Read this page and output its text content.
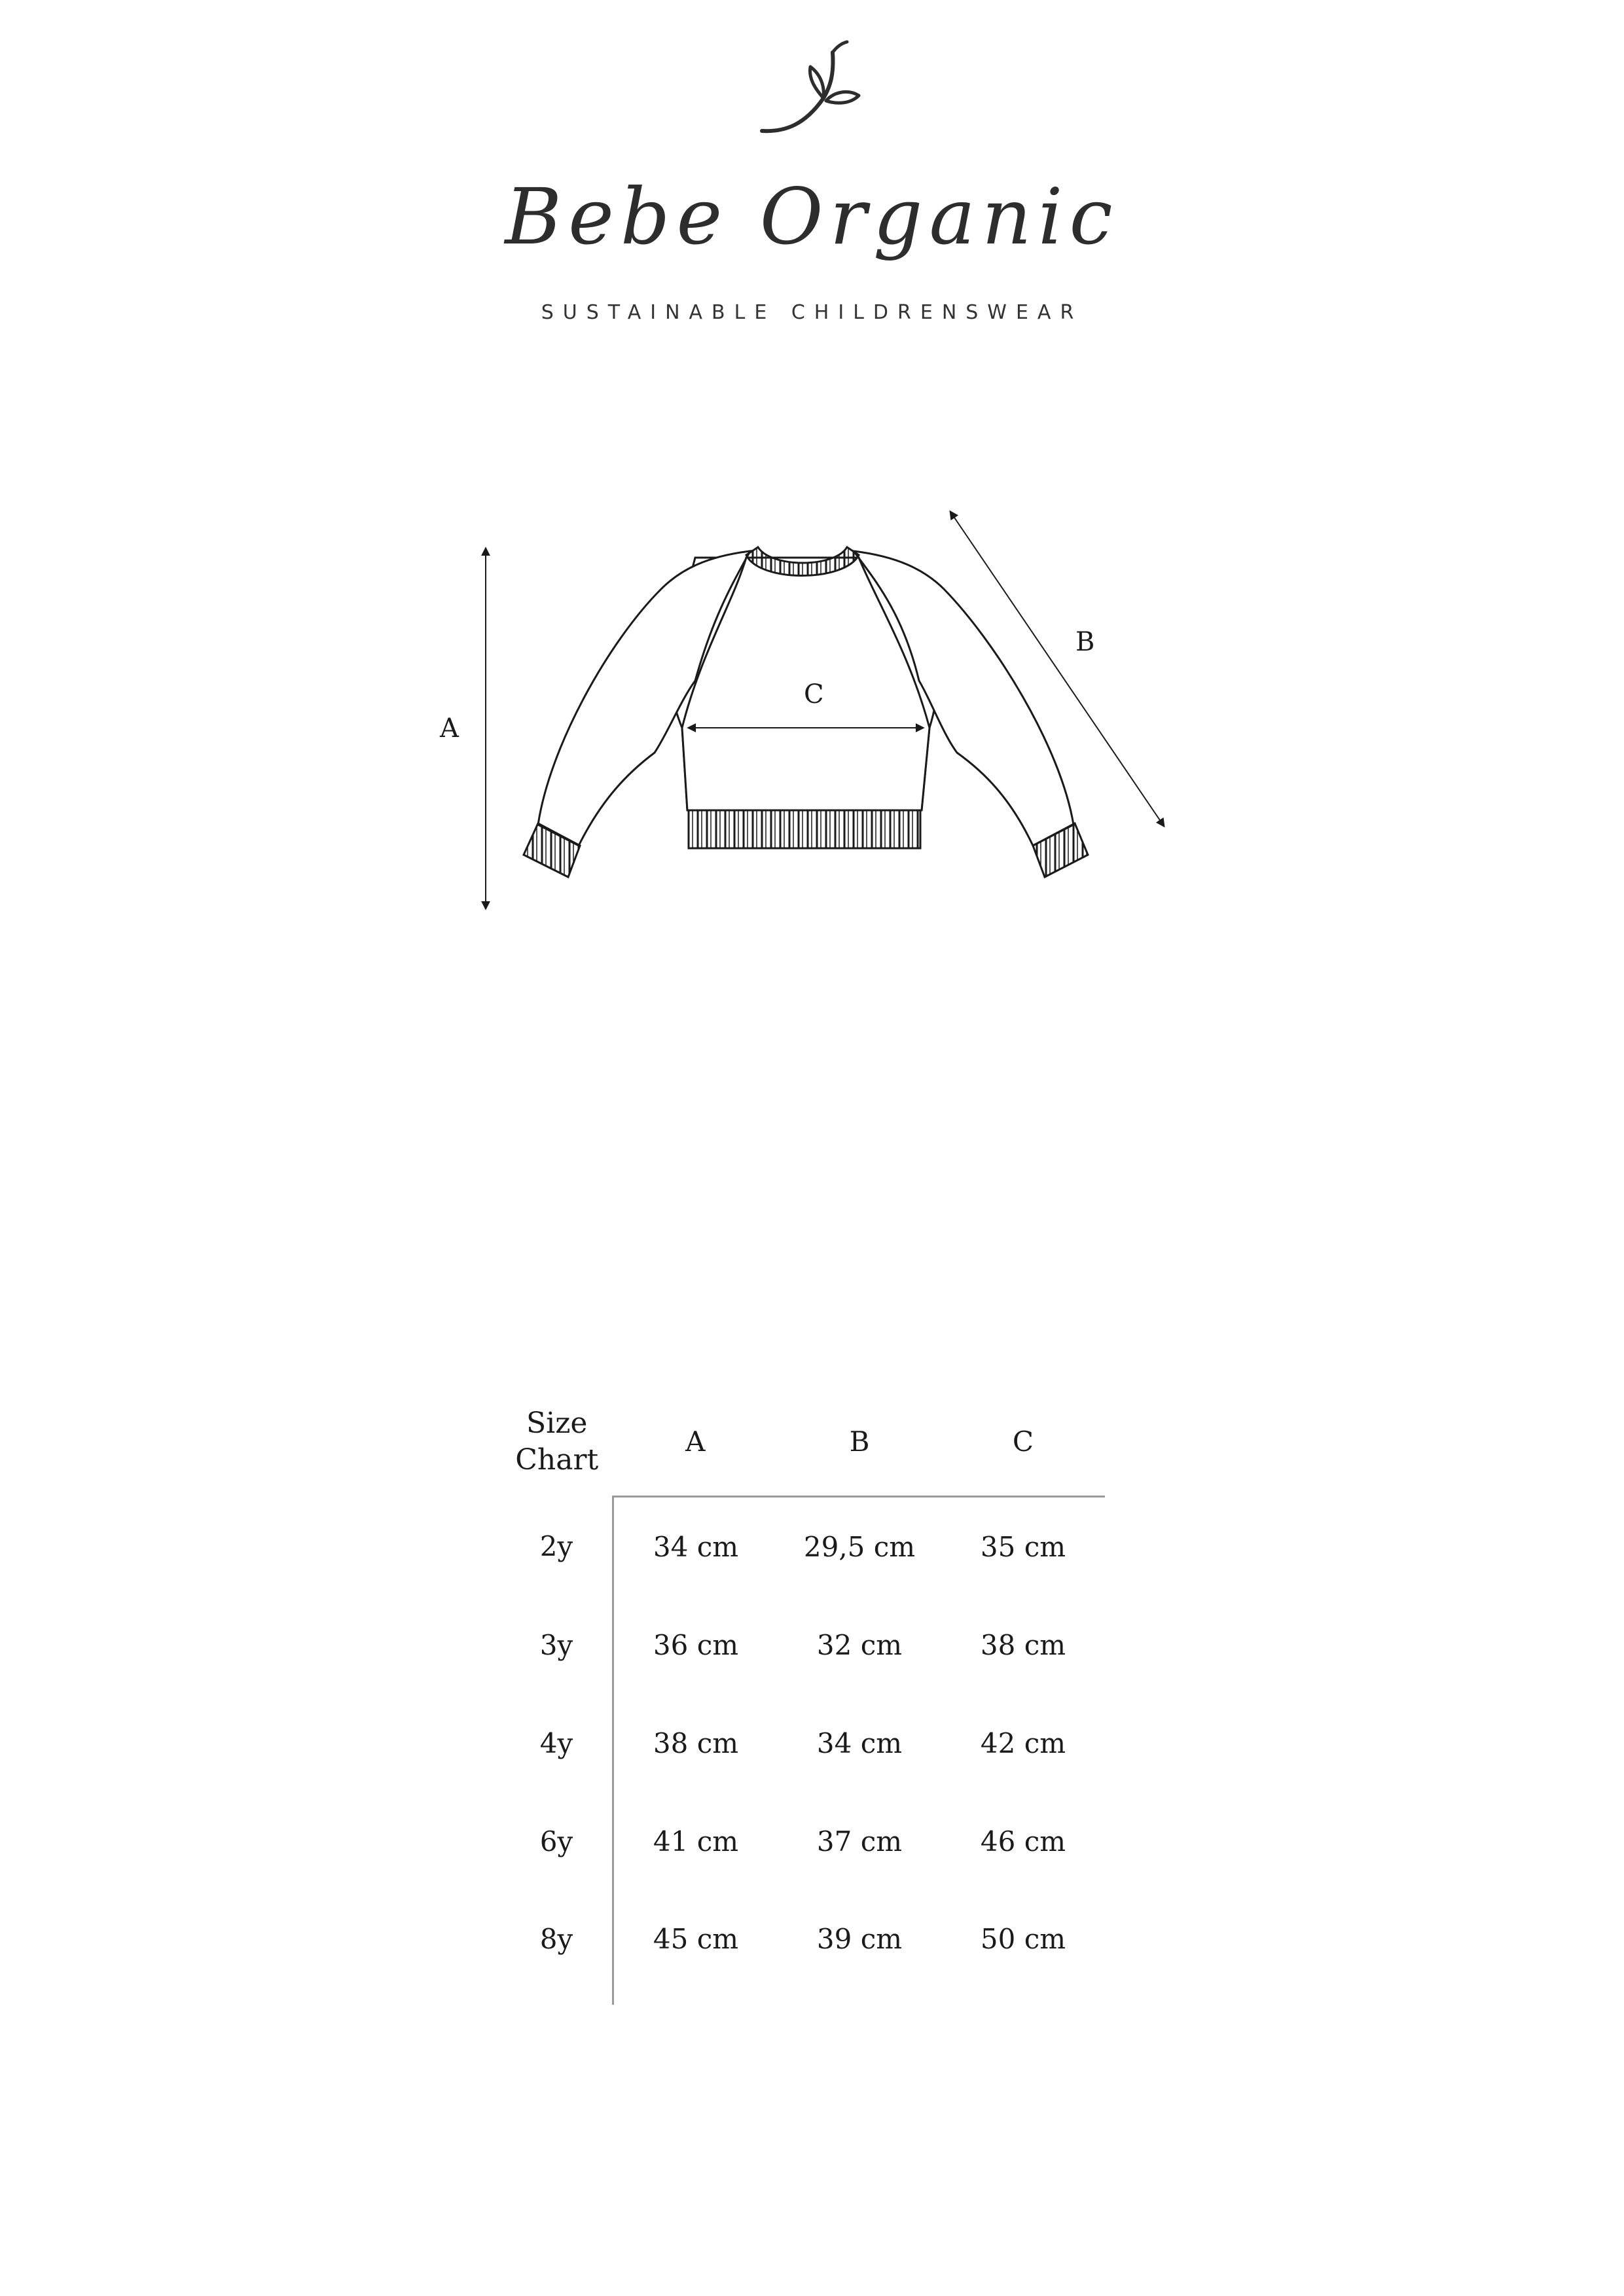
Bebe Organic
SUSTAINABLE CHILDRENSWEAR
A
B
C
Size
Chart	A	B	C
2y	34 cm	29,5 cm	35 cm
3y	36 cm	32 cm	38 cm
4y	38 cm	34 cm	42 cm
6y	41 cm	37 cm	46 cm
8y	45 cm	39 cm	50 cm
